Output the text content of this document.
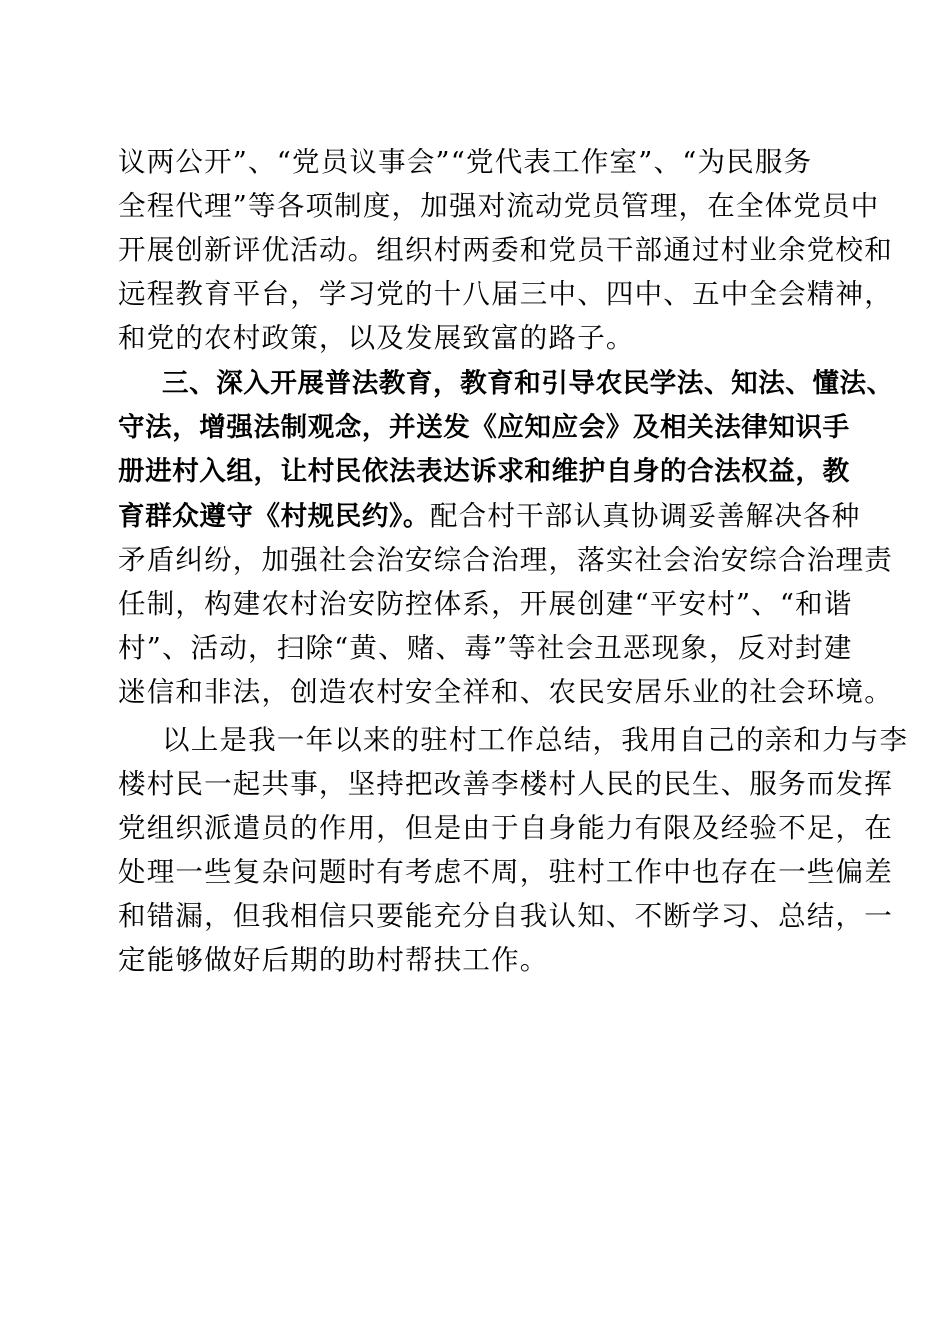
议两公开”、“党员议事会”“党代表工作室”、“为民服务
全程代理”等各项制度，加强对流动党员管理，在全体党员中
开展创新评优活动。组织村两委和党员干部通过村业余党校和
远程教育平台，学习党的十八届三中、四中、五中全会精神，
和党的农村政策，以及发展致富的路子。
三、深入开展普法教育，教育和引导农民学法、知法、懂法、
守法，增强法制观念，并送发《应知应会》及相关法律知识手
册进村入组，让村民依法表达诉求和维护自身的合法权益，教
育群众遵守《村规民约》。配合村干部认真协调妥善解决各种
矛盾纠纷，加强社会治安综合治理，落实社会治安综合治理责
任制，构建农村治安防控体系，开展创建“平安村”、“和谐
村”、活动，扫除“黄、赌、毒”等社会丑恶现象，反对封建
迷信和非法，创造农村安全祥和、农民安居乐业的社会环境。
以上是我一年以来的驻村工作总结，我用自己的亲和力与李
楼村民一起共事，坚持把改善李楼村人民的民生、服务而发挥
党组织派遣员的作用，但是由于自身能力有限及经验不足，在
处理一些复杂问题时有考虑不周，驻村工作中也存在一些偏差
和错漏，但我相信只要能充分自我认知、不断学习、总结，一
定能够做好后期的助村帮扶工作。
